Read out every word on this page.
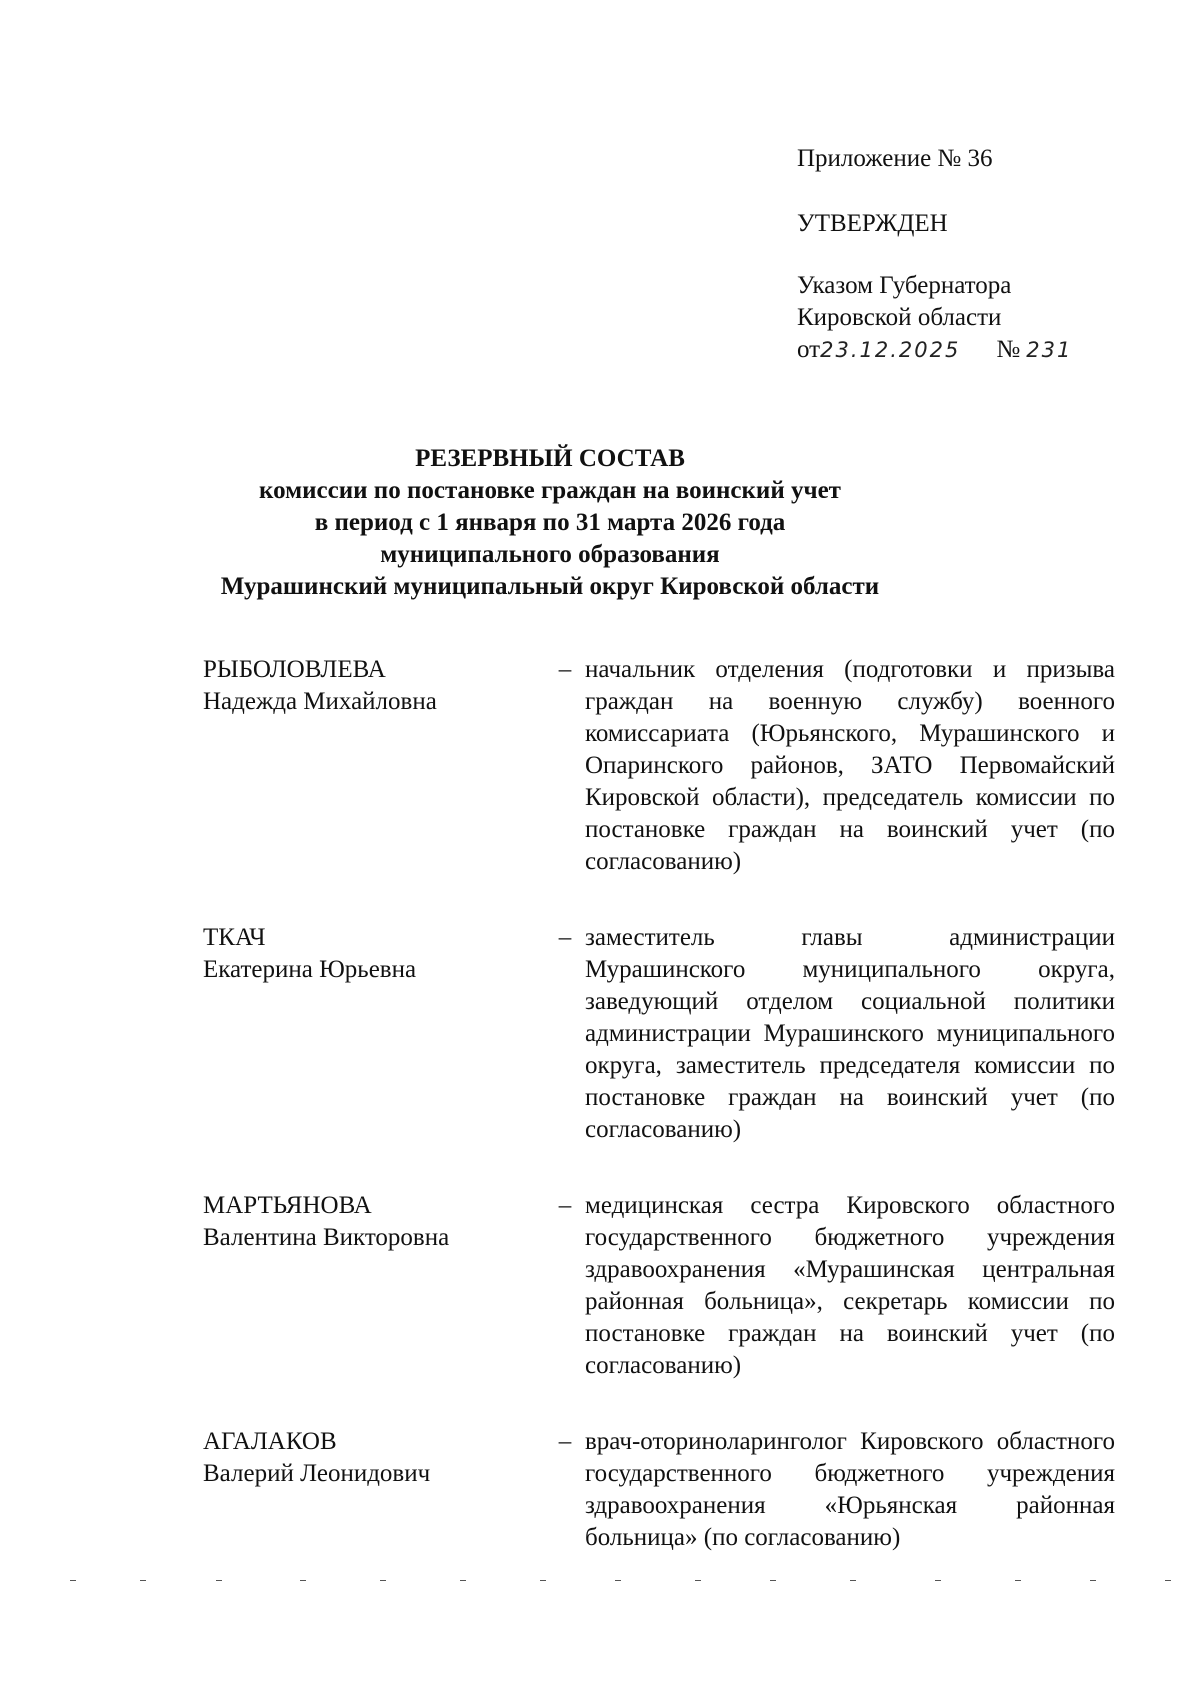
Приложение № 36
УТВЕРЖДЕН
Указом Губернатора
Кировской области
от23.12.2025 № 231
РЕЗЕРВНЫЙ СОСТАВ
комиссии по постановке граждан на воинский учет
в период с 1 января по 31 марта 2026 года
муниципального образования
Мурашинский муниципальный округ Кировской области
РЫБОЛОВЛЕВА
Надежда Михайловна
– начальник отделения (подготовки и призыва граждан на военную службу) военного комиссариата (Юрьянского, Мурашинского и Опаринского районов, ЗАТО Первомайский Кировской области), председатель комиссии по постановке граждан на воинский учет (по согласованию)
ТКАЧ
Екатерина Юрьевна
– заместитель главы администрации Мурашинского муниципального округа, заведующий отделом социальной политики администрации Мурашинского муниципального округа, заместитель председателя комиссии по постановке граждан на воинский учет (по согласованию)
МАРТЬЯНОВА
Валентина Викторовна
– медицинская сестра Кировского областного государственного бюджетного учреждения здравоохранения «Мурашинская центральная районная больница», секретарь комиссии по постановке граждан на воинский учет (по согласованию)
АГАЛАКОВ
Валерий Леонидович
– врач-оториноларинголог Кировского областного государственного бюджетного учреждения здравоохранения «Юрьянская районная больница» (по согласованию)
